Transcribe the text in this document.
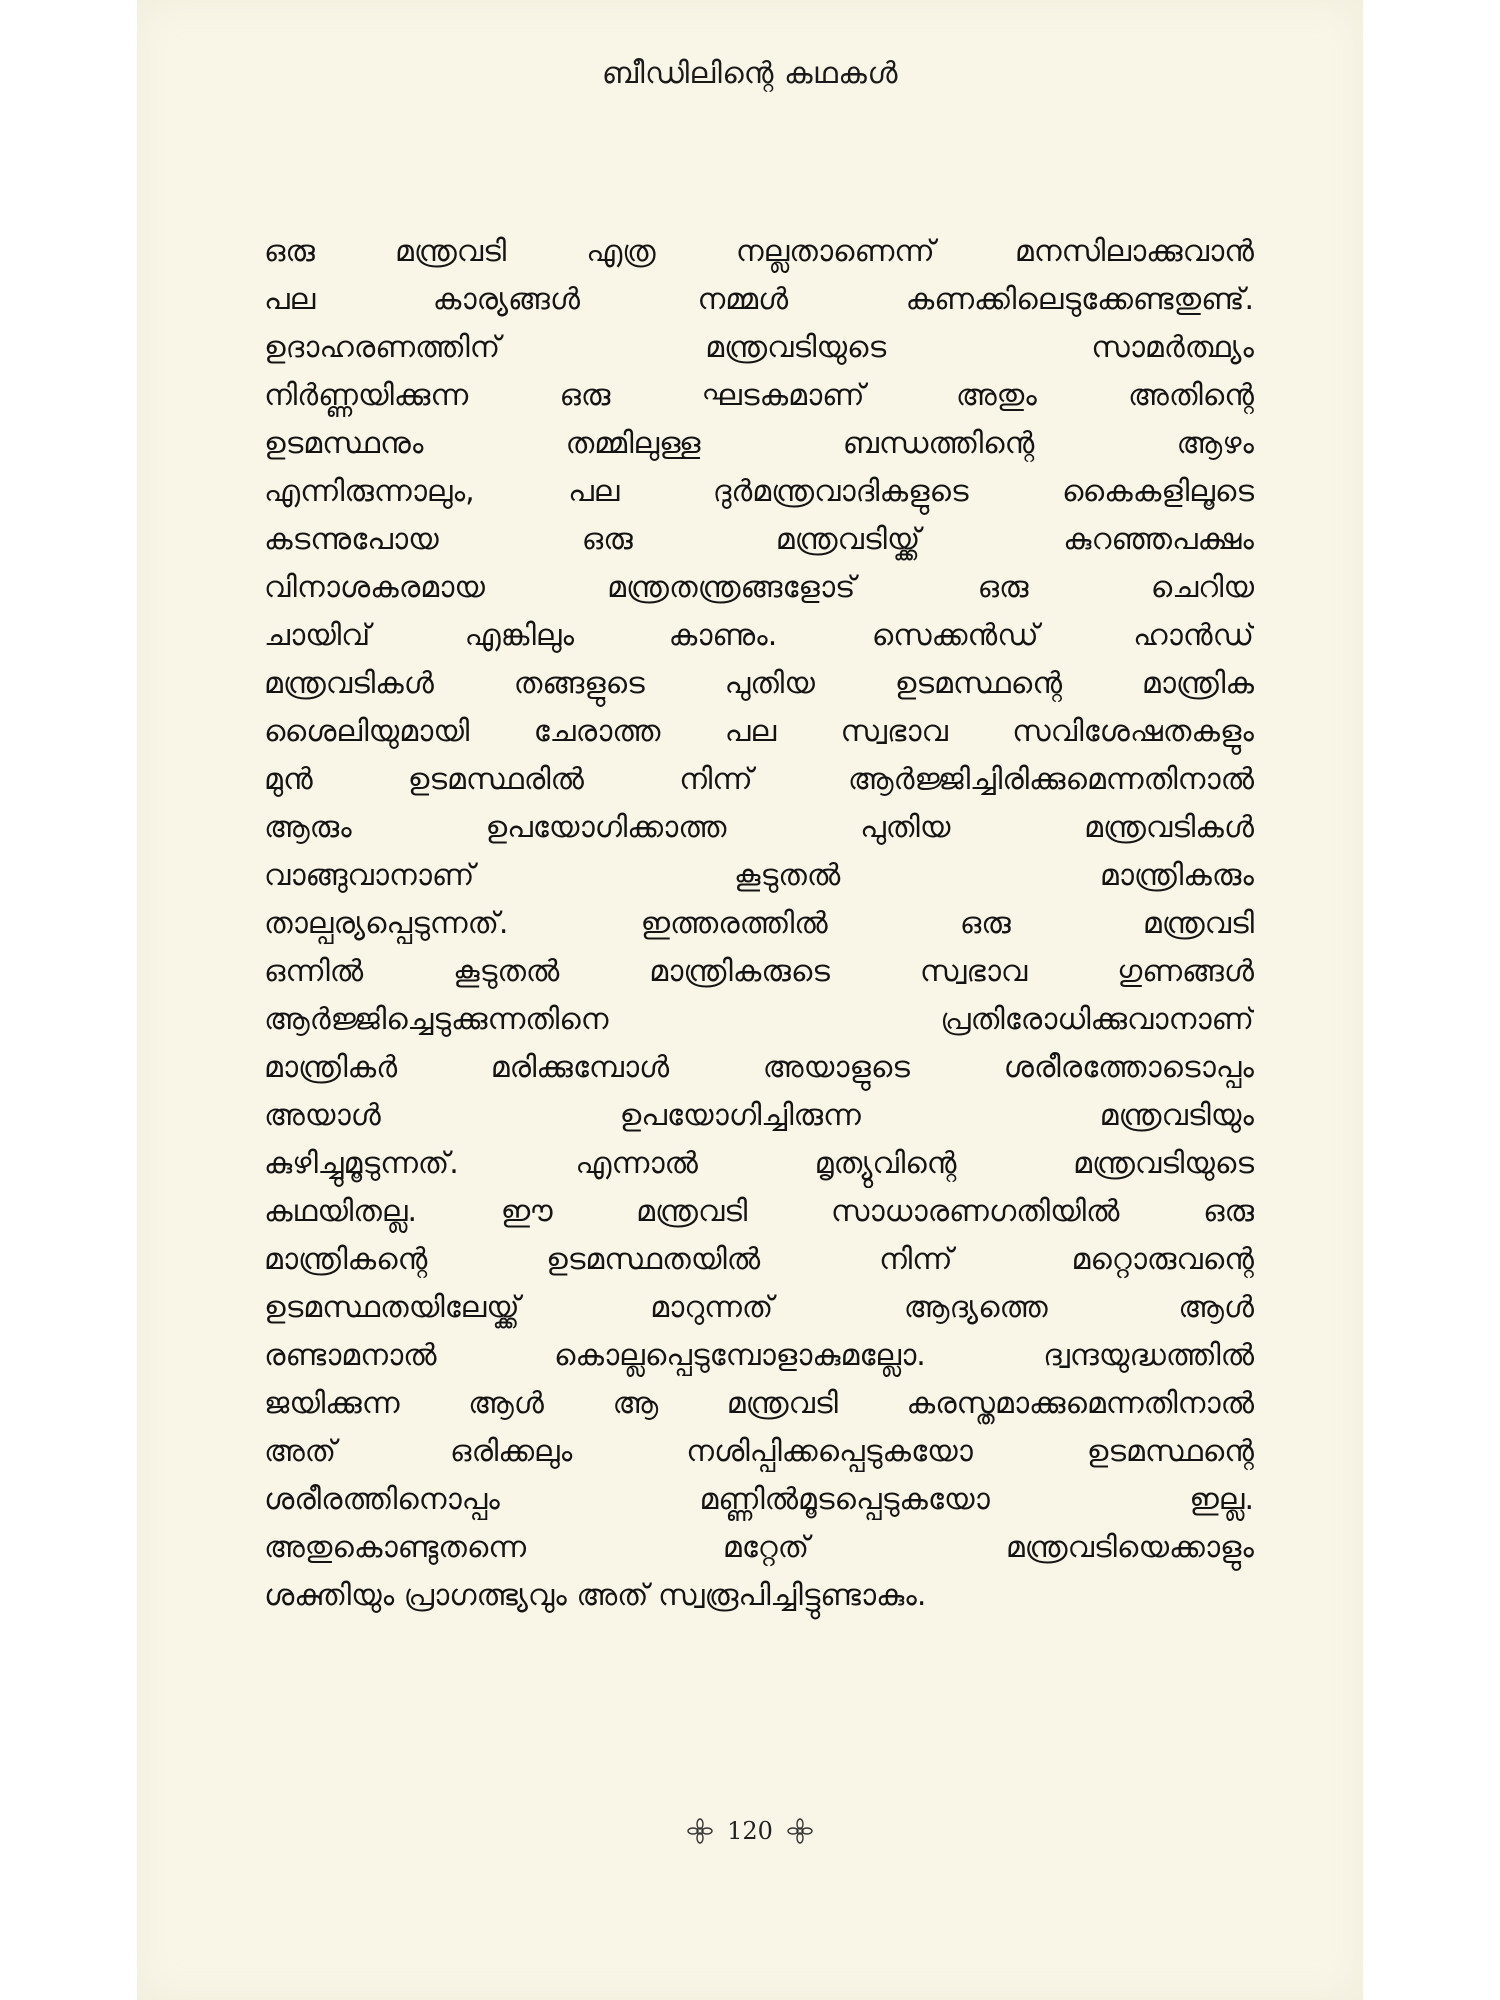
ബീഡിലിന്റെ കഥകൾ
ഒരു മന്ത്രവടി എത്ര നല്ലതാണെന്ന് മനസിലാക്കുവാൻ
പല കാര്യങ്ങൾ നമ്മൾ കണക്കിലെടുക്കേണ്ടതുണ്ട്.
ഉദാഹരണത്തിന് മന്ത്രവടിയുടെ സാമർത്ഥ്യം
നിർണ്ണയിക്കുന്ന ഒരു ഘടകമാണ് അതും അതിന്റെ
ഉടമസ്ഥനും തമ്മിലുള്ള ബന്ധത്തിന്റെ ആഴം
എന്നിരുന്നാലും, പല ദുർമന്ത്രവാദികളുടെ കൈകളിലൂടെ
കടന്നുപോയ ഒരു മന്ത്രവടിയ്ക്ക് കുറഞ്ഞപക്ഷം
വിനാശകരമായ മന്ത്രതന്ത്രങ്ങളോട് ഒരു ചെറിയ
ചായിവ് എങ്കിലും കാണും. സെക്കൻഡ് ഹാൻഡ്
മന്ത്രവടികൾ തങ്ങളുടെ പുതിയ ഉടമസ്ഥന്റെ മാന്ത്രിക
ശൈലിയുമായി ചേരാത്ത പല സ്വഭാവ സവിശേഷതകളും
മുൻ ഉടമസ്ഥരിൽ നിന്ന് ആർജ്ജിച്ചിരിക്കുമെന്നതിനാൽ
ആരും ഉപയോഗിക്കാത്ത പുതിയ മന്ത്രവടികൾ
വാങ്ങുവാനാണ് കൂടുതൽ മാന്ത്രികരും
താല്പര്യപ്പെടുന്നത്. ഇത്തരത്തിൽ ഒരു മന്ത്രവടി
ഒന്നിൽ കൂടുതൽ മാന്ത്രികരുടെ സ്വഭാവ ഗുണങ്ങൾ
ആർജ്ജിച്ചെടുക്കുന്നതിനെ പ്രതിരോധിക്കുവാനാണ്
മാന്ത്രികർ മരിക്കുമ്പോൾ അയാളുടെ ശരീരത്തോടൊപ്പം
അയാൾ ഉപയോഗിച്ചിരുന്ന മന്ത്രവടിയും
കുഴിച്ചുമൂടുന്നത്. എന്നാൽ മൃത്യുവിന്റെ മന്ത്രവടിയുടെ
കഥയിതല്ല. ഈ മന്ത്രവടി സാധാരണഗതിയിൽ ഒരു
മാന്ത്രികന്റെ ഉടമസ്ഥതയിൽ നിന്ന് മറ്റൊരുവന്റെ
ഉടമസ്ഥതയിലേയ്ക്ക് മാറുന്നത് ആദ്യത്തെ ആൾ
രണ്ടാമനാൽ കൊല്ലപ്പെടുമ്പോളാകുമല്ലോ. ദ്വന്ദയുദ്ധത്തിൽ
ജയിക്കുന്ന ആൾ ആ മന്ത്രവടി കരസ്തമാക്കുമെന്നതിനാൽ
അത് ഒരിക്കലും നശിപ്പിക്കപ്പെടുകയോ ഉടമസ്ഥന്റെ
ശരീരത്തിനൊപ്പം മണ്ണിൽമൂടപ്പെടുകയോ ഇല്ല.
അതുകൊണ്ടുതന്നെ മറ്റേത് മന്ത്രവടിയെക്കാളും
ശക്തിയും പ്രാഗത്ഭ്യവും അത് സ്വരൂപിച്ചിട്ടുണ്ടാകും.
120
